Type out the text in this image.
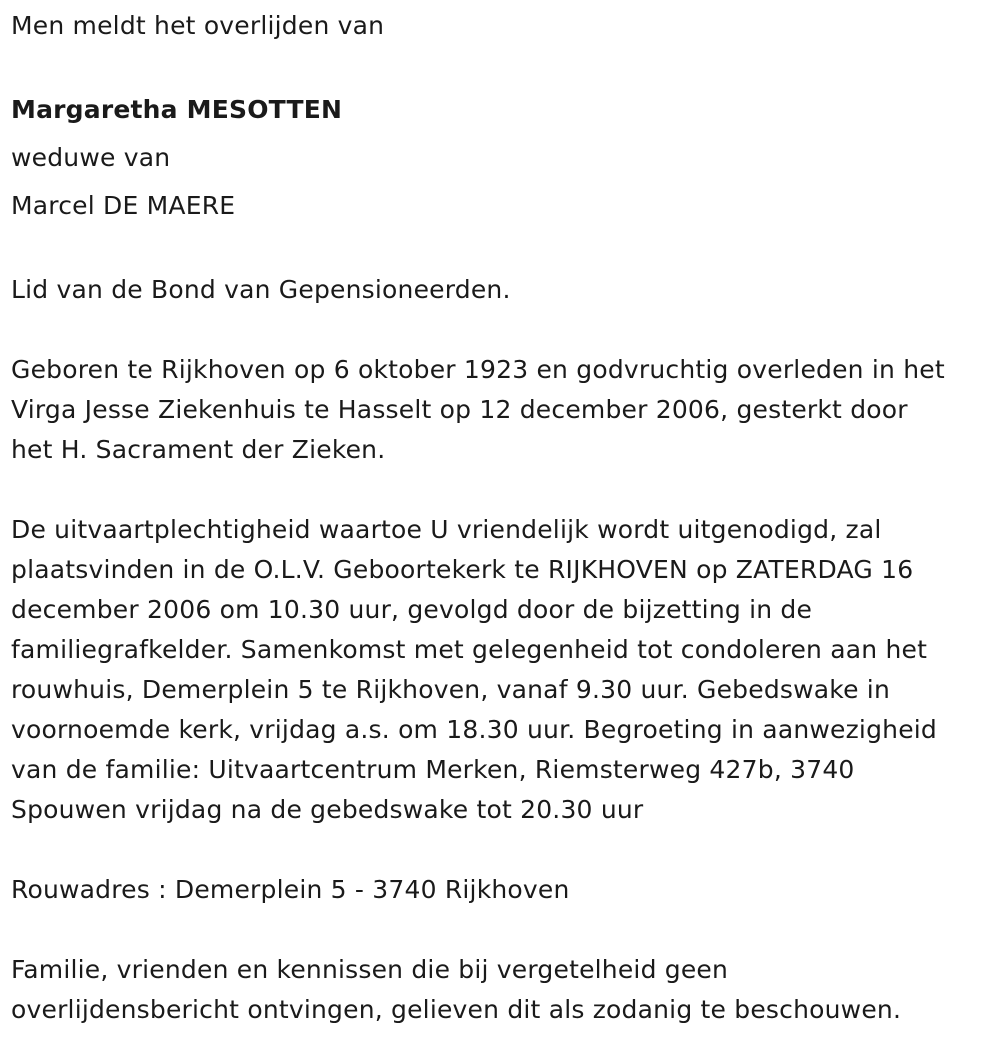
Men meldt het overlijden van
Margaretha MESOTTEN
weduwe van
Marcel DE MAERE
Lid van de Bond van Gepensioneerden.
Geboren te Rijkhoven op 6 oktober 1923 en godvruchtig overleden in het
Virga Jesse Ziekenhuis te Hasselt op 12 december 2006, gesterkt door
het H. Sacrament der Zieken.
De uitvaartplechtigheid waartoe U vriendelijk wordt uitgenodigd, zal
plaatsvinden in de O.L.V. Geboortekerk te RIJKHOVEN op ZATERDAG 16
december 2006 om 10.30 uur, gevolgd door de bijzetting in de
familiegrafkelder. Samenkomst met gelegenheid tot condoleren aan het
rouwhuis, Demerplein 5 te Rijkhoven, vanaf 9.30 uur. Gebedswake in
voornoemde kerk, vrijdag a.s. om 18.30 uur. Begroeting in aanwezigheid
van de familie: Uitvaartcentrum Merken, Riemsterweg 427b, 3740
Spouwen vrijdag na de gebedswake tot 20.30 uur
Rouwadres : Demerplein 5 - 3740 Rijkhoven
Familie, vrienden en kennissen die bij vergetelheid geen
overlijdensbericht ontvingen, gelieven dit als zodanig te beschouwen.
